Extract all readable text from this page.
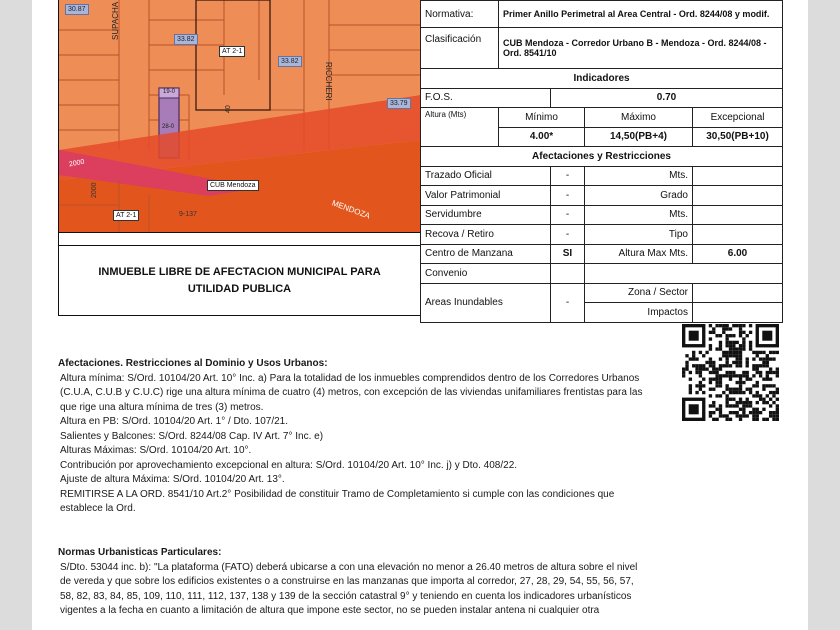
30.87
33.82
33.82
33.79
19-0
28-0
SUPACHA
RICCHERI
MENDOZA
AT 2-1
CUB Mendoza
AT 2-1
2000
2000
9-137
40
INMUEBLE LIBRE DE AFECTACION MUNICIPAL PARA UTILIDAD PUBLICA
Normativa:	Primer Anillo Perimetral al Area Central - Ord. 8244/08 y modif.			
Clasificación	CUB Mendoza - Corredor Urbano B - Mendoza - Ord. 8244/08 - Ord. 8541/10			
Indicadores				
F.O.S.		0.70		
Altura (Mts)	Mínimo		Máximo	Excepcional
	4.00*		14,50(PB+4)	30,50(PB+10)
Afectaciones y Restricciones				
Trazado Oficial		-	Mts.	
Valor Patrimonial		-	Grado	
Servidumbre		-	Mts.	
Recova / Retiro		-	Tipo	
Centro de Manzana		SI	Altura Max Mts.	6.00
Convenio				
Areas Inundables		-	Zona / Sector	
			Impactos	

Afectaciones. Restricciones al Dominio y Usos Urbanos:

Altura mínima: S/Ord. 10104/20 Art. 10° Inc. a) Para la totalidad de los inmuebles comprendidos dentro de los Corredores Urbanos

(C.U.A, C.U.B y C.U.C) rige una altura mínima de cuatro (4) metros, con excepción de las viviendas unifamiliares frentistas para las

que rige una altura mínima de tres (3) metros.

Altura en PB: S/Ord. 10104/20 Art. 1° / Dto. 107/21.

Salientes y Balcones: S/Ord. 8244/08 Cap. IV Art. 7° Inc. e)

Alturas Máximas: S/Ord. 10104/20 Art. 10°.

Contribución por aprovechamiento excepcional en altura: S/Ord. 10104/20 Art. 10° Inc. j) y Dto. 408/22.

Ajuste de altura Máxima: S/Ord. 10104/20 Art. 13°.

REMITIRSE A LA ORD. 8541/10 Art.2° Posibilidad de constituir Tramo de Completamiento si cumple con las condiciones que

establece la Ord.

Normas Urbanisticas Particulares:

S/Dto. 53044 inc. b): "La plataforma (FATO) deberá ubicarse a con una elevación no menor a 26.40 metros de altura sobre el nivel

de vereda y que sobre los edificios existentes o a construirse en las manzanas que importa al corredor, 27, 28, 29, 54, 55, 56, 57,

58, 82, 83, 84, 85, 109, 110, 111, 112, 137, 138 y 139 de la sección catastral 9° y teniendo en cuenta los indicadores urbanísticos

vigentes a la fecha en cuanto a limitación de altura que impone este sector, no se pueden instalar antena ni cualquier otra
